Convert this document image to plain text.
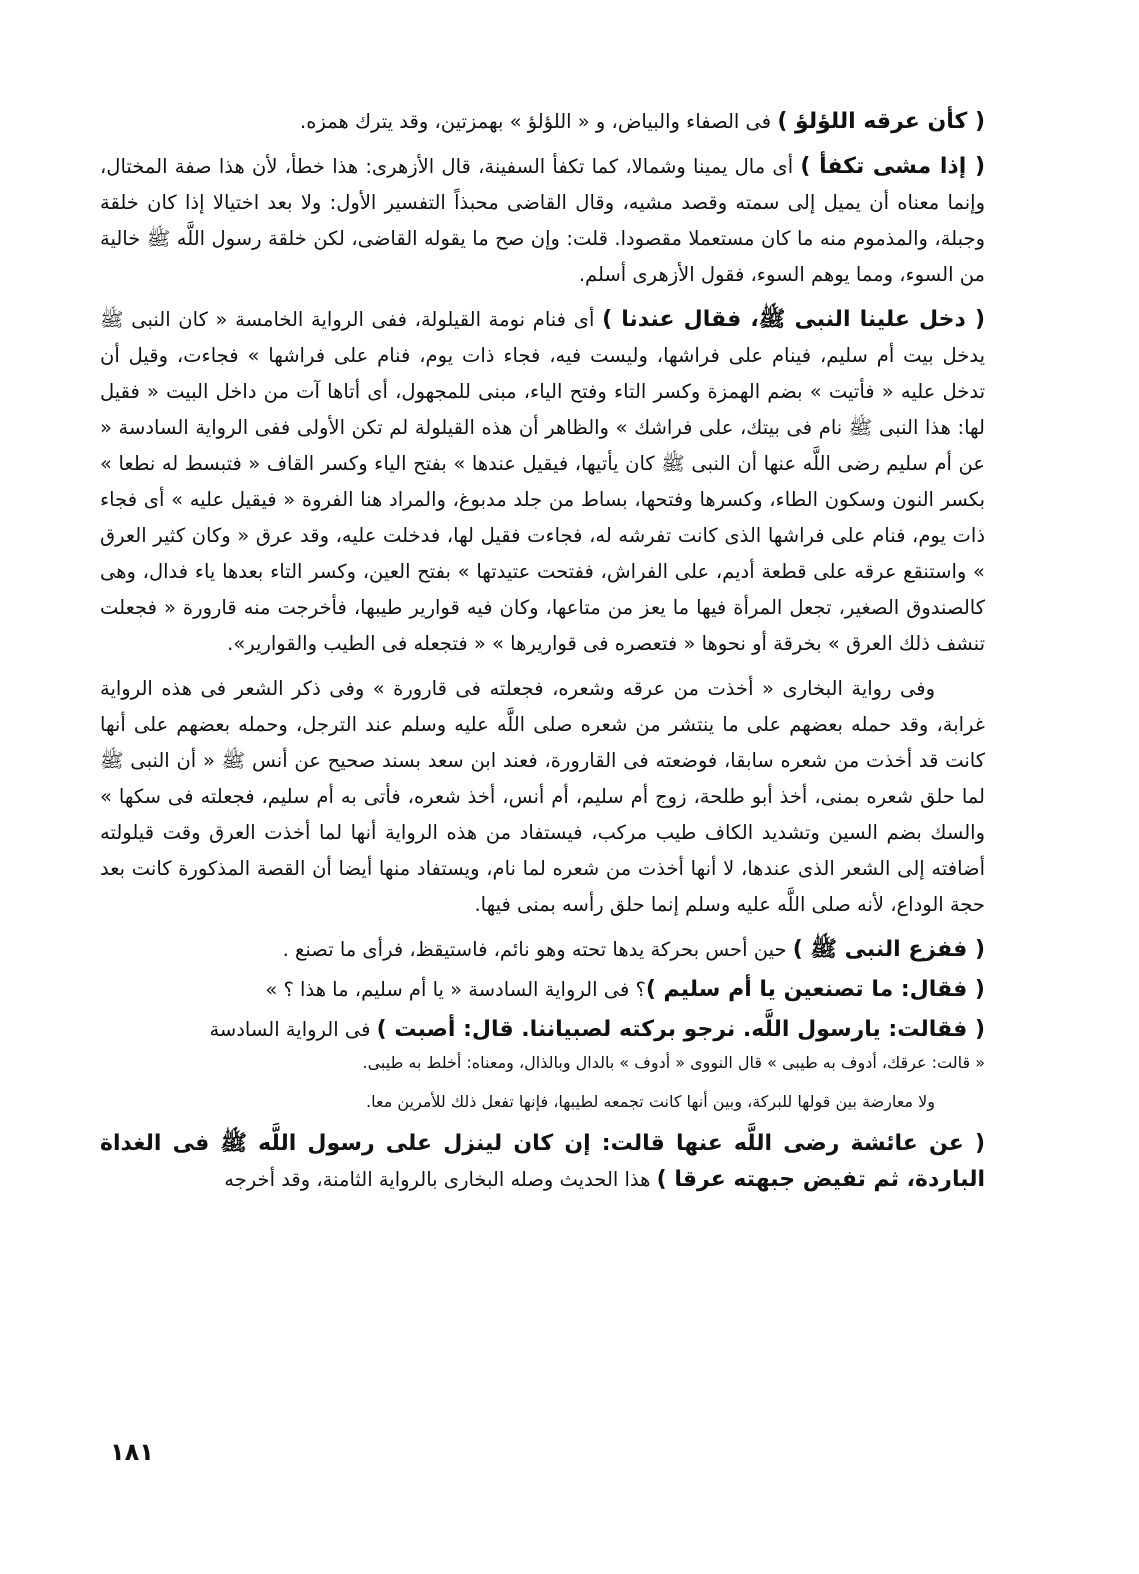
( كأن عرقه اللؤلؤ ) فى الصفاء والبياض، و « اللؤلؤ » بهمزتين، وقد يترك همزه.

( إذا مشى تكفأ ) أى مال يمينا وشمالا، كما تكفأ السفينة، قال الأزهرى: هذا خطأ، لأن هذا صفة المختال، وإنما معناه أن يميل إلى سمته وقصد مشيه، وقال القاضى محبذاً التفسير الأول: ولا بعد اختيالا إذا كان خلقة وجبلة، والمذموم منه ما كان مستعملا مقصودا. قلت: وإن صح ما يقوله القاضى، لكن خلقة رسول اللَّه ﷺ خالية من السوء، ومما يوهم السوء، فقول الأزهرى أسلم.

( دخل علينا النبى ﷺ، فقال عندنا ) أى فنام نومة القيلولة، ففى الرواية الخامسة « كان النبى ﷺ يدخل بيت أم سليم، فينام على فراشها، وليست فيه، فجاء ذات يوم، فنام على فراشها » فجاءت، وقيل أن تدخل عليه « فأتيت » بضم الهمزة وكسر التاء وفتح الياء، مبنى للمجهول، أى أتاها آت من داخل البيت « فقيل لها: هذا النبى ﷺ نام فى بيتك، على فراشك » والظاهر أن هذه القيلولة لم تكن الأولى ففى الرواية السادسة « عن أم سليم رضى اللَّه عنها أن النبى ﷺ كان يأتيها، فيقيل عندها » بفتح الياء وكسر القاف « فتبسط له نطعا » بكسر النون وسكون الطاء، وكسرها وفتحها، بساط من جلد مدبوغ، والمراد هنا الفروة « فيقيل عليه » أى فجاء ذات يوم، فنام على فراشها الذى كانت تفرشه له، فجاءت فقيل لها، فدخلت عليه، وقد عرق « وكان كثير العرق » واستنقع عرقه على قطعة أديم، على الفراش، ففتحت عتيدتها » بفتح العين، وكسر التاء بعدها ياء فدال، وهى كالصندوق الصغير، تجعل المرأة فيها ما يعز من متاعها، وكان فيه قوارير طيبها، فأخرجت منه قارورة « فجعلت تنشف ذلك العرق » بخرقة أو نحوها « فتعصره فى قواريرها » « فتجعله فى الطيب والقوارير».

وفى رواية البخارى « أخذت من عرقه وشعره، فجعلته فى قارورة » وفى ذكر الشعر فى هذه الرواية غرابة، وقد حمله بعضهم على ما ينتشر من شعره صلى اللَّه عليه وسلم عند الترجل، وحمله بعضهم على أنها كانت قد أخذت من شعره سابقا، فوضعته فى القارورة، فعند ابن سعد بسند صحيح عن أنس ﷺ « أن النبى ﷺ لما حلق شعره بمنى، أخذ أبو طلحة، زوج أم سليم، أم أنس، أخذ شعره، فأتى به أم سليم، فجعلته فى سكها » والسك بضم السين وتشديد الكاف طيب مركب، فيستفاد من هذه الرواية أنها لما أخذت العرق وقت قيلولته أضافته إلى الشعر الذى عندها، لا أنها أخذت من شعره لما نام، ويستفاد منها أيضا أن القصة المذكورة كانت بعد حجة الوداع، لأنه صلى اللَّه عليه وسلم إنما حلق رأسه بمنى فيها.

( ففزع النبى ﷺ ) حين أحس بحركة يدها تحته وهو نائم، فاستيقظ، فرأى ما تصنع .

( فقال: ما تصنعين يا أم سليم )؟ فى الرواية السادسة « يا أم سليم، ما هذا ؟ »

( فقالت: يارسول اللَّه. نرجو بركته لصبياننا. قال: أصبت ) فى الرواية السادسة

« قالت: عرقك، أدوف به طيبى » قال النووى « أدوف » بالدال وبالذال، ومعناه: أخلط به طيبى.

ولا معارضة بين قولها للبركة، وبين أنها كانت تجمعه لطيبها، فإنها تفعل ذلك للأمرين معا.

( عن عائشة رضى اللَّه عنها قالت: إن كان لينزل على رسول اللَّه ﷺ فى الغداة الباردة، ثم تفيض جبهته عرقا ) هذا الحديث وصله البخارى بالرواية الثامنة، وقد أخرجه

١٨١
